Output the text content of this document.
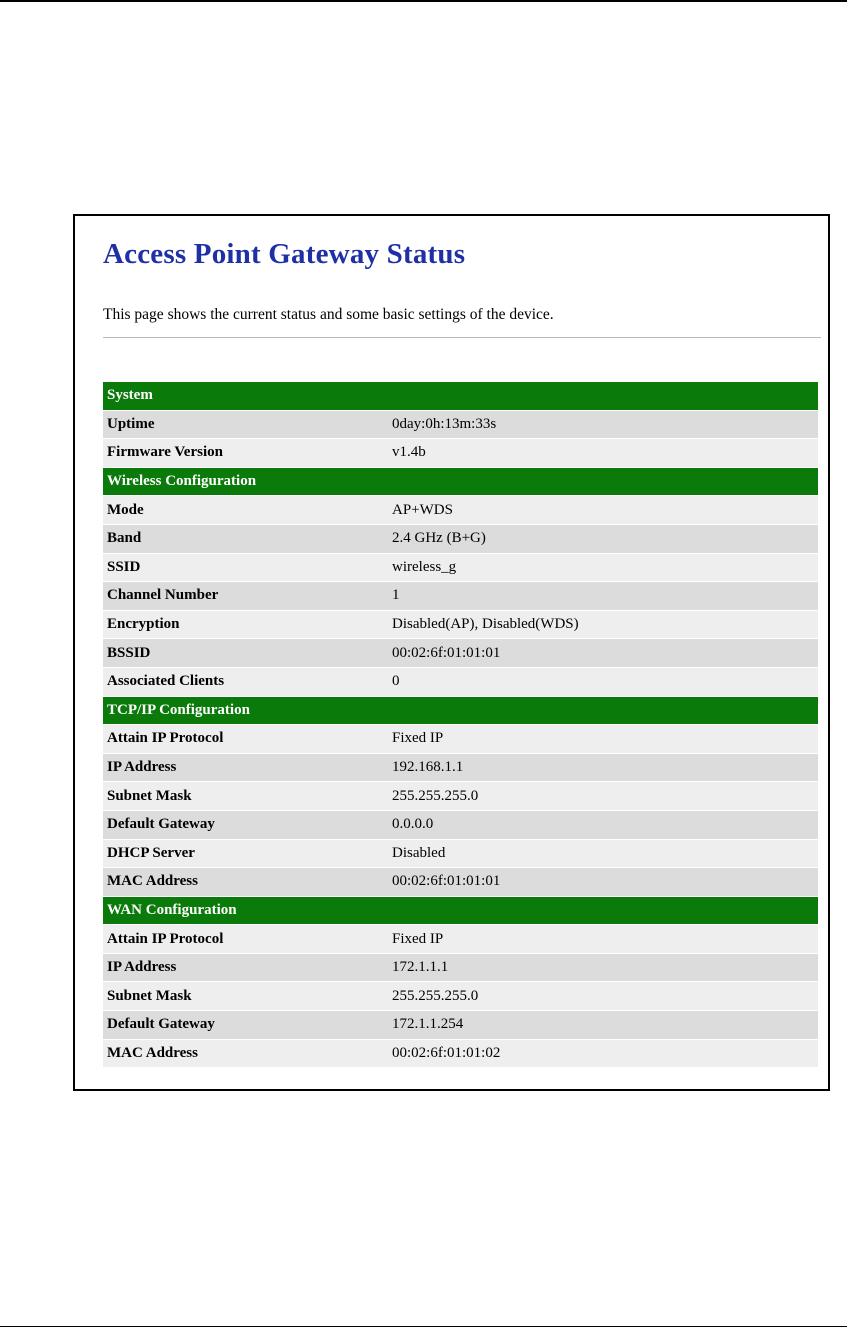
Access Point Gateway Status

This page shows the current status and some basic settings of the device.

System
Uptime	0day:0h:13m:33s
Firmware Version	v1.4b
Wireless Configuration
Mode	AP+WDS
Band	2.4 GHz (B+G)
SSID	wireless_g
Channel Number	1
Encryption	Disabled(AP), Disabled(WDS)
BSSID	00:02:6f:01:01:01
Associated Clients	0
TCP/IP Configuration
Attain IP Protocol	Fixed IP
IP Address	192.168.1.1
Subnet Mask	255.255.255.0
Default Gateway	0.0.0.0
DHCP Server	Disabled
MAC Address	00:02:6f:01:01:01
WAN Configuration
Attain IP Protocol	Fixed IP
IP Address	172.1.1.1
Subnet Mask	255.255.255.0
Default Gateway	172.1.1.254
MAC Address	00:02:6f:01:01:02
